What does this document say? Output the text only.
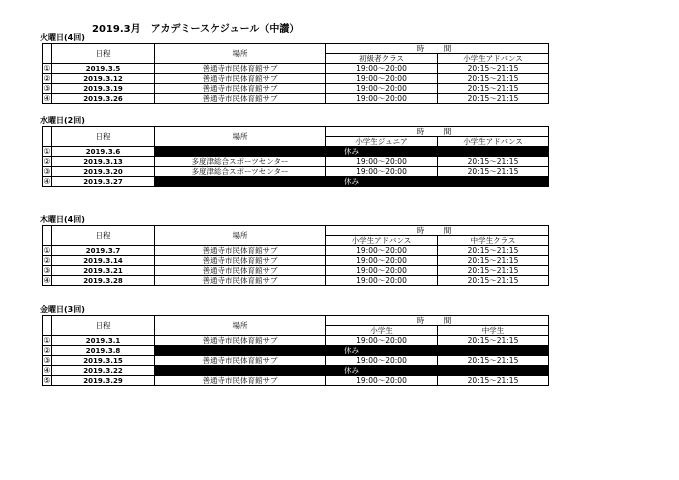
2019.3月　アカデミースケジュール（中讃）
火曜日(4回)
	日程	場所	時　間	
			初級者クラス	小学生アドバンス
①	2019.3.5	善通寺市民体育館サブ	19:00～20:00	20:15～21:15
②	2019.3.12	善通寺市民体育館サブ	19:00～20:00	20:15～21:15
③	2019.3.19	善通寺市民体育館サブ	19:00～20:00	20:15～21:15
④	2019.3.26	善通寺市民体育館サブ	19:00～20:00	20:15～21:15
水曜日(2回)
	日程	場所	時　間	
			小学生ジュニア	小学生アドバンス
①	2019.3.6		休み	
②	2019.3.13	多度津総合スポーツセンター	19:00～20:00	20:15～21:15
③	2019.3.20	多度津総合スポーツセンター	19:00～20:00	20:15～21:15
④	2019.3.27		休み	
木曜日(4回)
	日程	場所	時　間	
			小学生アドバンス	中学生クラス
①	2019.3.7	善通寺市民体育館サブ	19:00～20:00	20:15～21:15
②	2019.3.14	善通寺市民体育館サブ	19:00～20:00	20:15～21:15
③	2019.3.21	善通寺市民体育館サブ	19:00～20:00	20:15～21:15
④	2019.3.28	善通寺市民体育館サブ	19:00～20:00	20:15～21:15
金曜日(3回)
	日程	場所	時　間	
			小学生	中学生
①	2019.3.1	善通寺市民体育館サブ	19:00～20:00	20:15～21:15
②	2019.3.8		休み	
③	2019.3.15	善通寺市民体育館サブ	19:00～20:00	20:15～21:15
④	2019.3.22		休み	
⑤	2019.3.29	善通寺市民体育館サブ	19:00～20:00	20:15～21:15
